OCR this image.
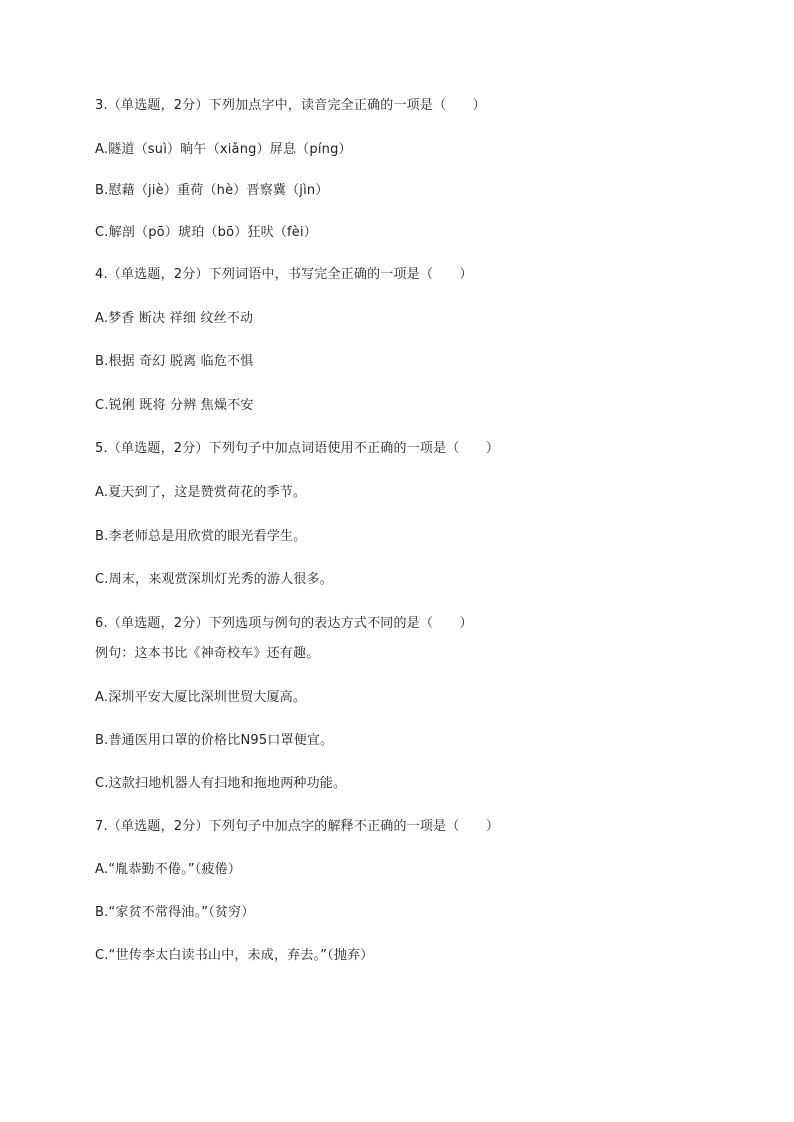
3.（单选题，2分）下列加点字中，读音完全正确的一项是（　　）
A.隧道（suì）晌午（xiǎng）屏息（píng）
B.慰藉（jiè）重荷（hè）晋察冀（jìn）
C.解剖（pō）琥珀（bō）狂吠（fèi）
4.（单选题，2分）下列词语中，书写完全正确的一项是（　　）
A.梦香 断决 祥细 纹丝不动
B.根据 奇幻 脱离 临危不惧
C.锐俐 既将 分辨 焦燥不安
5.（单选题，2分）下列句子中加点词语使用不正确的一项是（　　）
A.夏天到了，这是赞赏荷花的季节。
B.李老师总是用欣赏的眼光看学生。
C.周末，来观赏深圳灯光秀的游人很多。
6.（单选题，2分）下列选项与例句的表达方式不同的是（　　）
例句：这本书比《神奇校车》还有趣。
A.深圳平安大厦比深圳世贸大厦高。
B.普通医用口罩的价格比N95口罩便宜。
C.这款扫地机器人有扫地和拖地两种功能。
7.（单选题，2分）下列句子中加点字的解释不正确的一项是（　　）
A.“胤恭勤不倦。”（疲倦）
B.“家贫不常得油。”（贫穷）
C.“世传李太白读书山中，未成，弃去。”（抛弃）
